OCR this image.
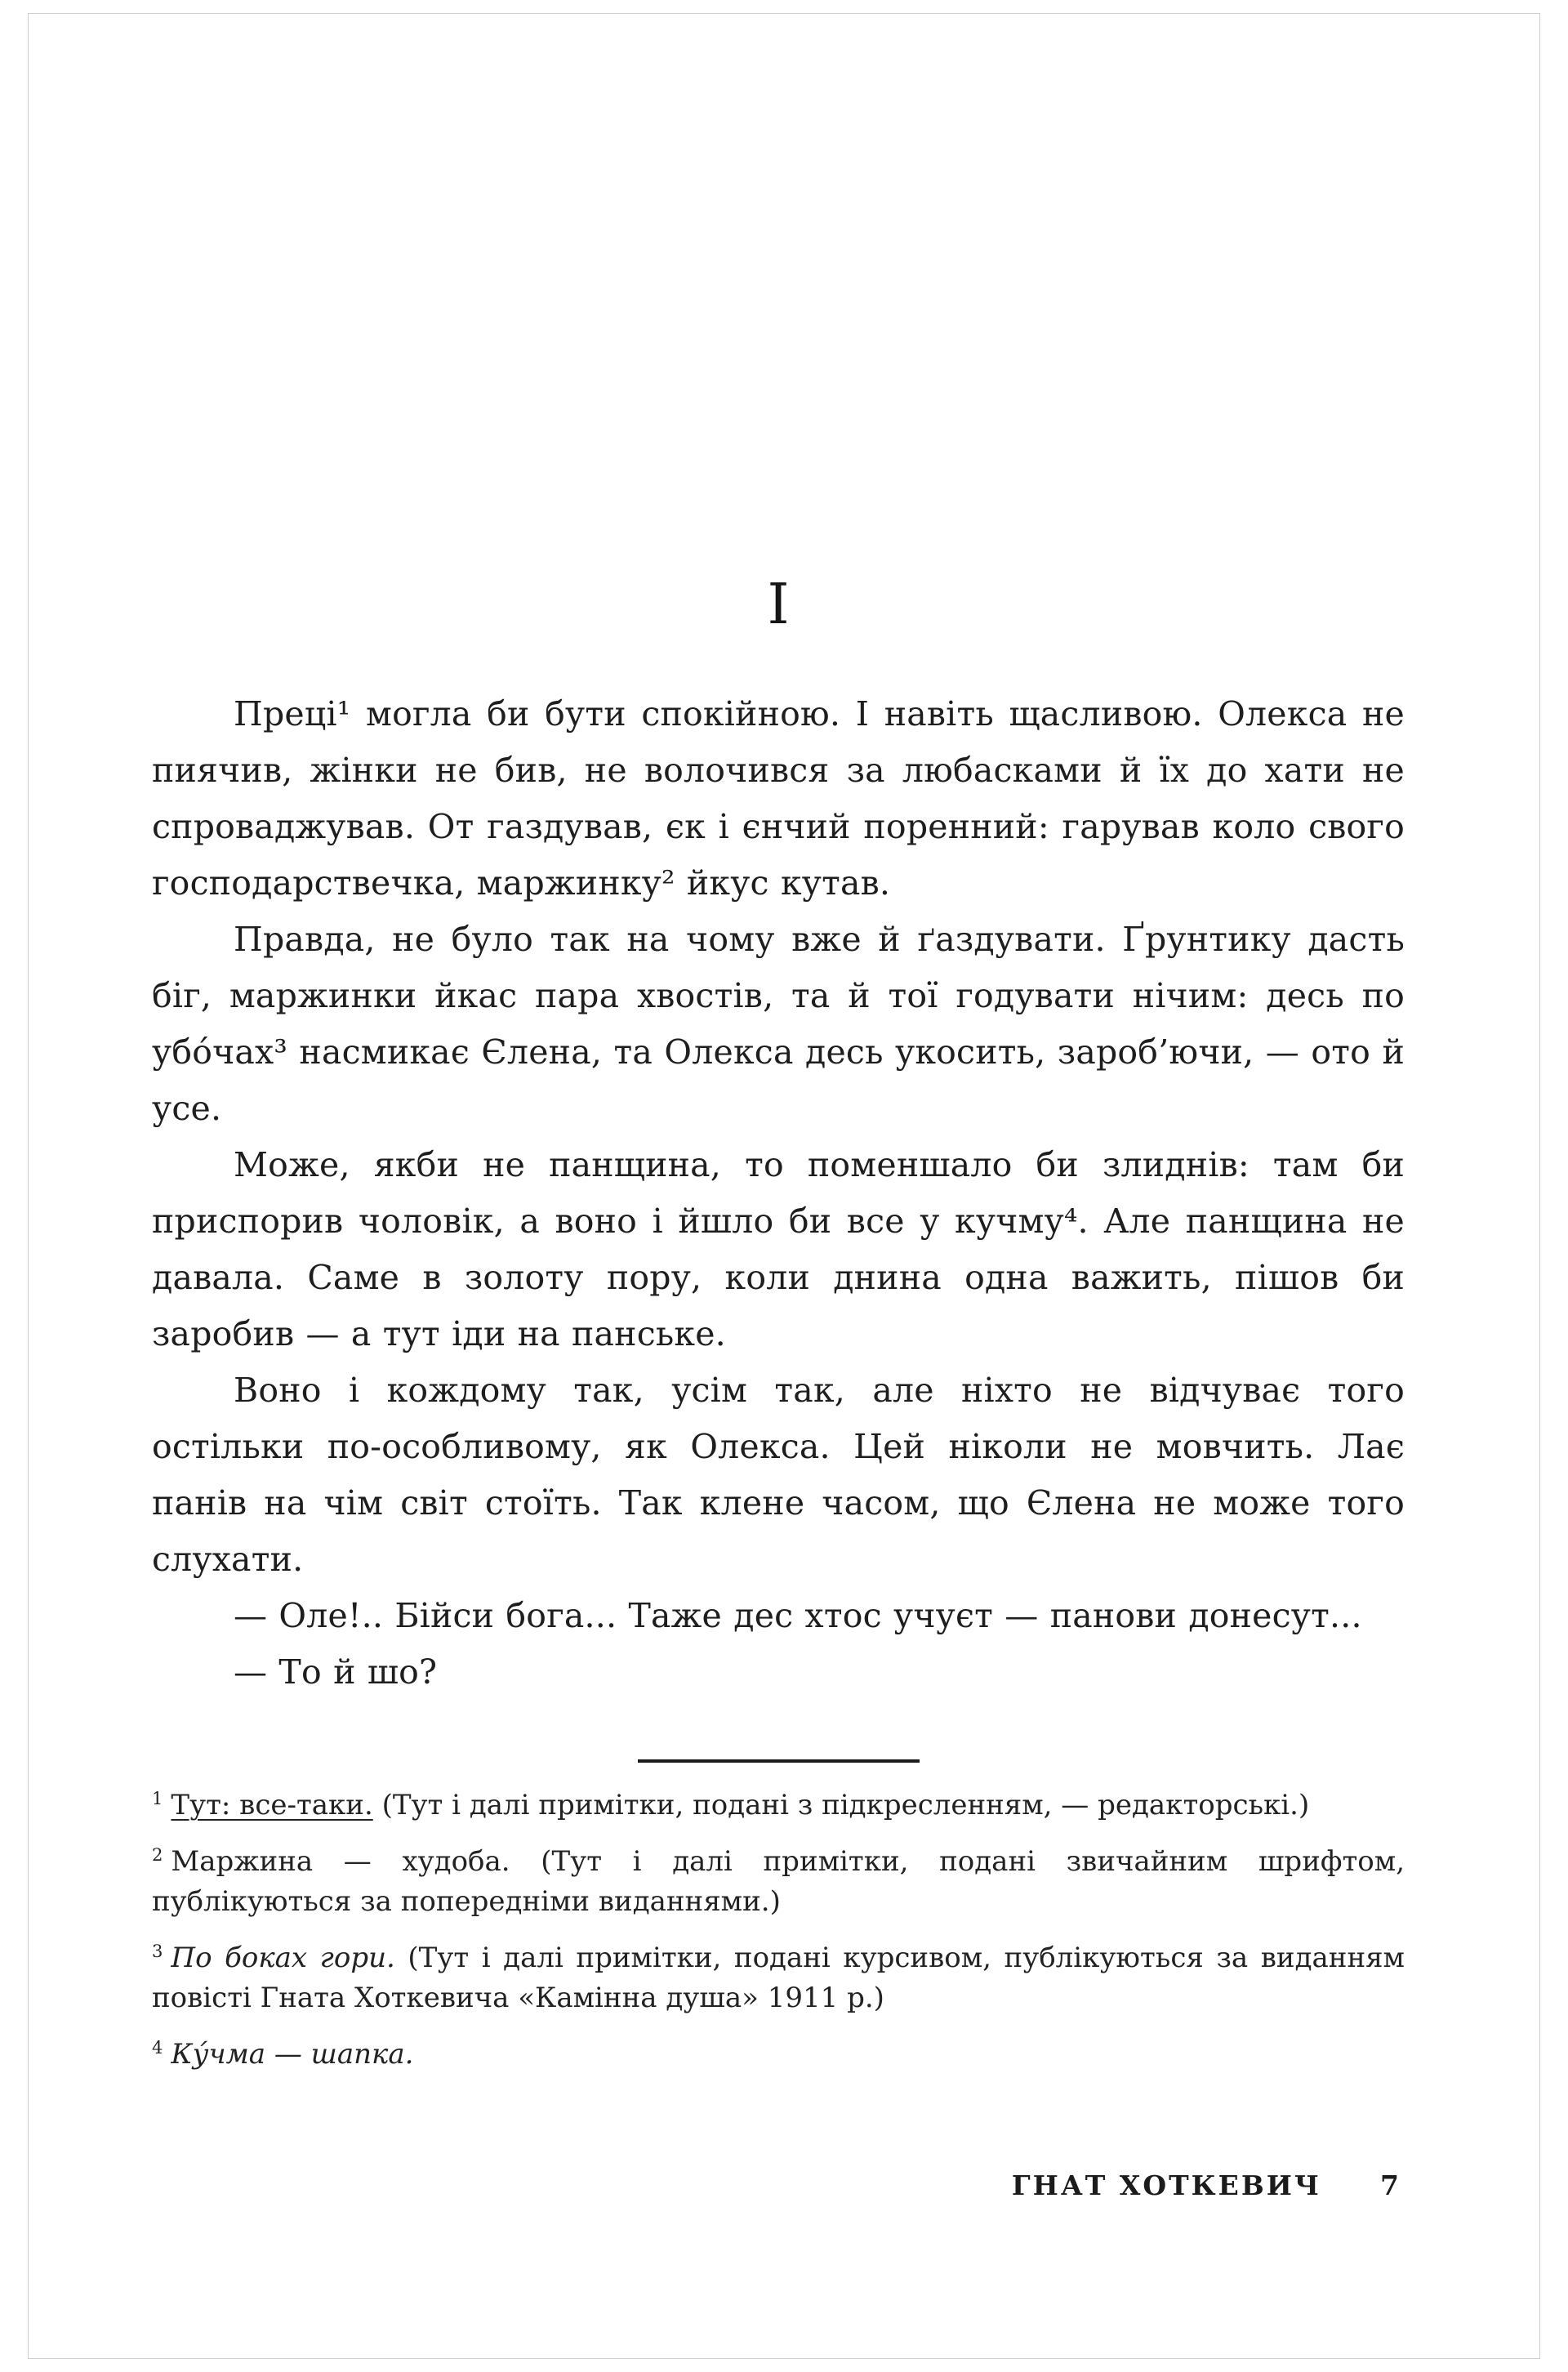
I

Преці¹ могла би бути спокійною. І навіть щасливою. Олекса не пиячив, жінки не бив, не волочився за любасками й їх до хати не спроваджував. От газдував, єк і єнчий поренний: гарував коло свого господарствечка, маржинку² йкус кутав.

Правда, не було так на чому вже й ґаздувати. Ґрунтику дасть біг, маржинки йкас пара хвостів, та й тої годувати нічим: десь по убо́чах³ насмикає Єлена, та Олекса десь укосить, зароб’ючи, — ото й усе.

Може, якби не панщина, то поменшало би злиднів: там би приспорив чоловік, а воно і йшло би все у кучму⁴. Але панщина не давала. Саме в золоту пору, коли днина одна важить, пішов би заробив — а тут іди на панське.

Воно і кождому так, усім так, але ніхто не відчуває того остільки по-особливому, як Олекса. Цей ніколи не мовчить. Лає панів на чім світ стоїть. Так клене часом, що Єлена не може того слухати.

— Оле!.. Бійси бога... Таже дес хтос учуєт — панови донесут...

— То й шо?

$^1$ Тут: все-таки. (Тут і далі примітки, подані з підкресленням, — редакторські.)

$^2$ Маржина — худоба. (Тут і далі примітки, подані звичайним шрифтом, публікуються за попередніми виданнями.)

$^3$ По боках гори. (Тут і далі примітки, подані курсивом, публікуються за виданням повісті Гната Хоткевича «Камінна душа» 1911 р.)

$^4$ Ку́чма — шапка.

ГНАТ ХОТКЕВИЧ 7
